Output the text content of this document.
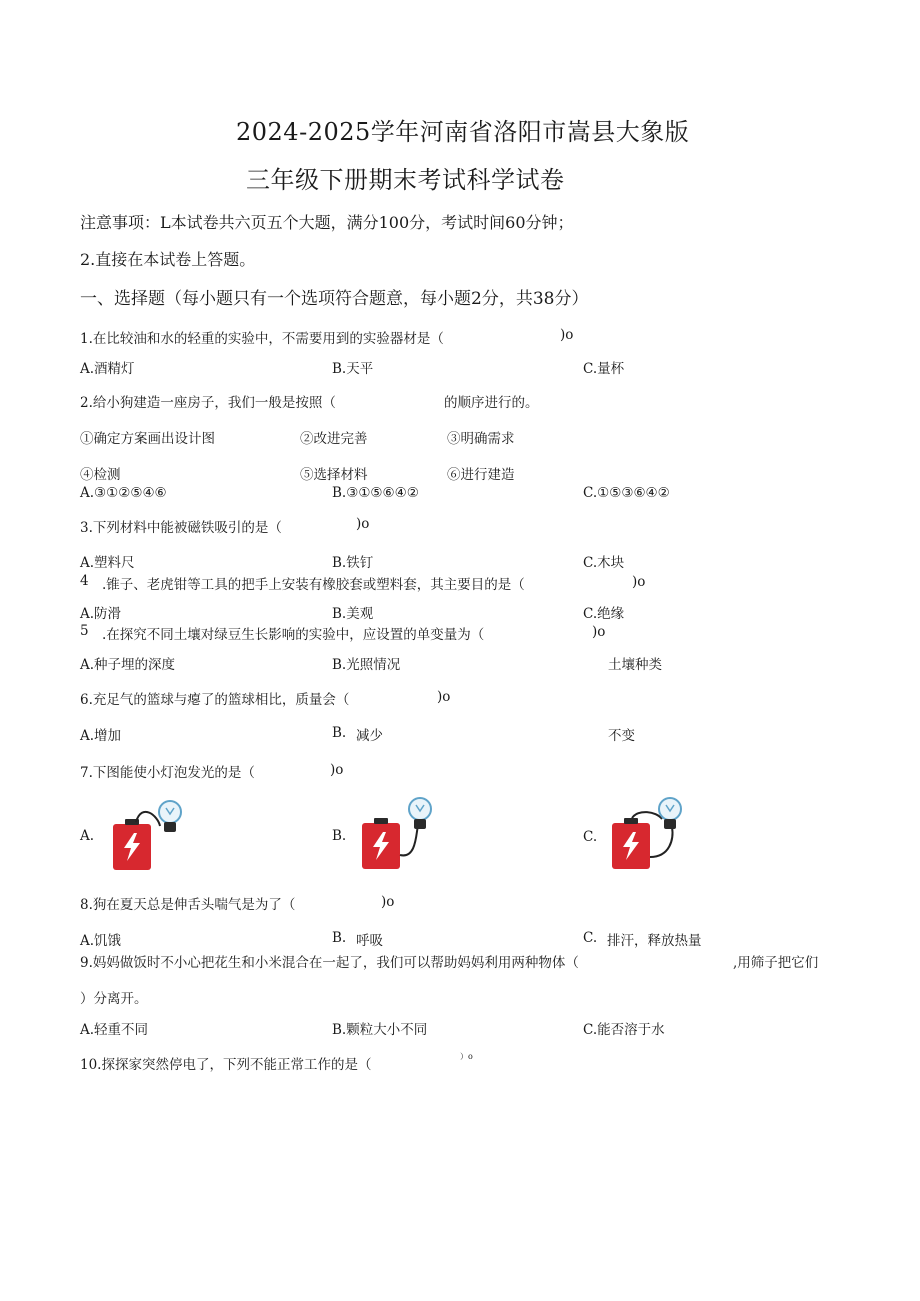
2024-2025学年河南省洛阳市嵩县大象版
三年级下册期末考试科学试卷
注意事项：L本试卷共六页五个大题，满分100分，考试时间60分钟；
2.直接在本试卷上答题。
一、选择题（每小题只有一个选项符合题意，每小题2分，共38分）
1.在比较油和水的轻重的实验中，不需要用到的实验器材是（	)o
A.酒精灯	B.天平	C.量杯
2.给小狗建造一座房子，我们一般是按照（	的顺序进行的。
①确定方案画出设计图	②改进完善	③明确需求
④检测	⑤选择材料	⑥进行建造
A.③①②⑤④⑥	B.③①⑤⑥④②	C.①⑤③⑥④②
3.下列材料中能被磁铁吸引的是（	)o
A.塑料尺	B.铁钉	C.木块
4 .锥子、老虎钳等工具的把手上安装有橡胶套或塑料套，其主要目的是（	)o
A.防滑	B.美观	C.绝缘
5 .在探究不同土壤对绿豆生长影响的实验中，应设置的单变量为（	)o
A.种子埋的深度	B.光照情况	土壤种类
6.充足气的篮球与瘪了的篮球相比，质量会（	)o
A.增加	B. 减少	不变
7.下图能使小灯泡发光的是（	)o
A.	B.	C.
8.狗在夏天总是伸舌头喘气是为了（	)o
A.饥饿	B. 呼吸	C. 排汗，释放热量
9.妈妈做饭时不小心把花生和小米混合在一起了，我们可以帮助妈妈利用两种物体（	,用筛子把它们
）分离开。
A.轻重不同	B.颗粒大小不同	C.能否溶于水
10.探探家突然停电了，下列不能正常工作的是（
）o
